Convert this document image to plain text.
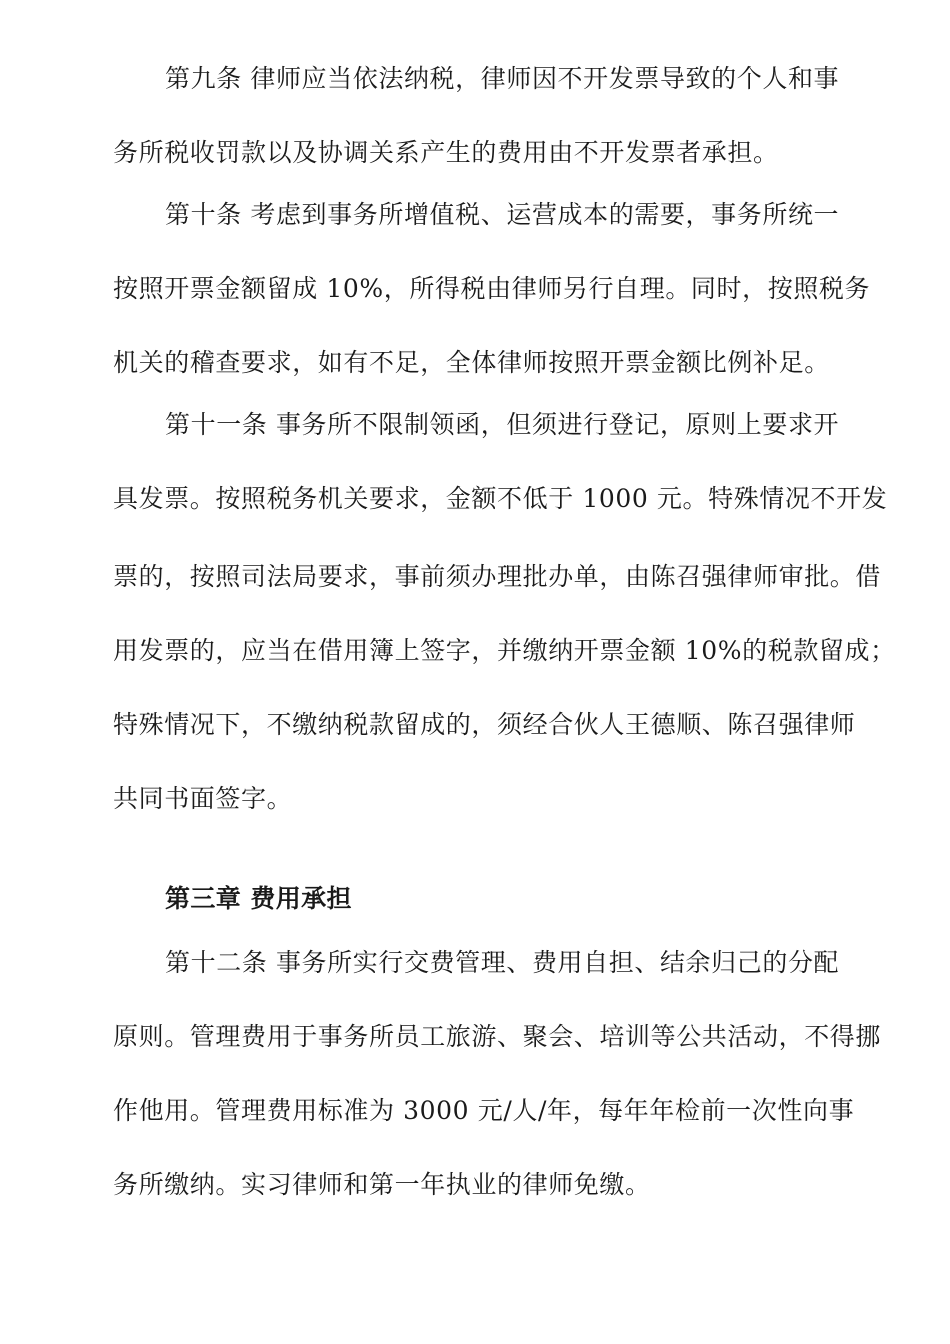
第九条 律师应当依法纳税，律师因不开发票导致的个人和事
务所税收罚款以及协调关系产生的费用由不开发票者承担。
第十条 考虑到事务所增值税、运营成本的需要，事务所统一
按照开票金额留成 10%，所得税由律师另行自理。同时，按照税务
机关的稽查要求，如有不足，全体律师按照开票金额比例补足。
第十一条 事务所不限制领函，但须进行登记，原则上要求开
具发票。按照税务机关要求，金额不低于 1000 元。特殊情况不开发
票的，按照司法局要求，事前须办理批办单，由陈召强律师审批。借
用发票的，应当在借用簿上签字，并缴纳开票金额 10%的税款留成；
特殊情况下，不缴纳税款留成的，须经合伙人王德顺、陈召强律师
共同书面签字。
第三章 费用承担
第十二条 事务所实行交费管理、费用自担、结余归己的分配
原则。管理费用于事务所员工旅游、聚会、培训等公共活动，不得挪
作他用。管理费用标准为 3000 元/人/年，每年年检前一次性向事
务所缴纳。实习律师和第一年执业的律师免缴。
